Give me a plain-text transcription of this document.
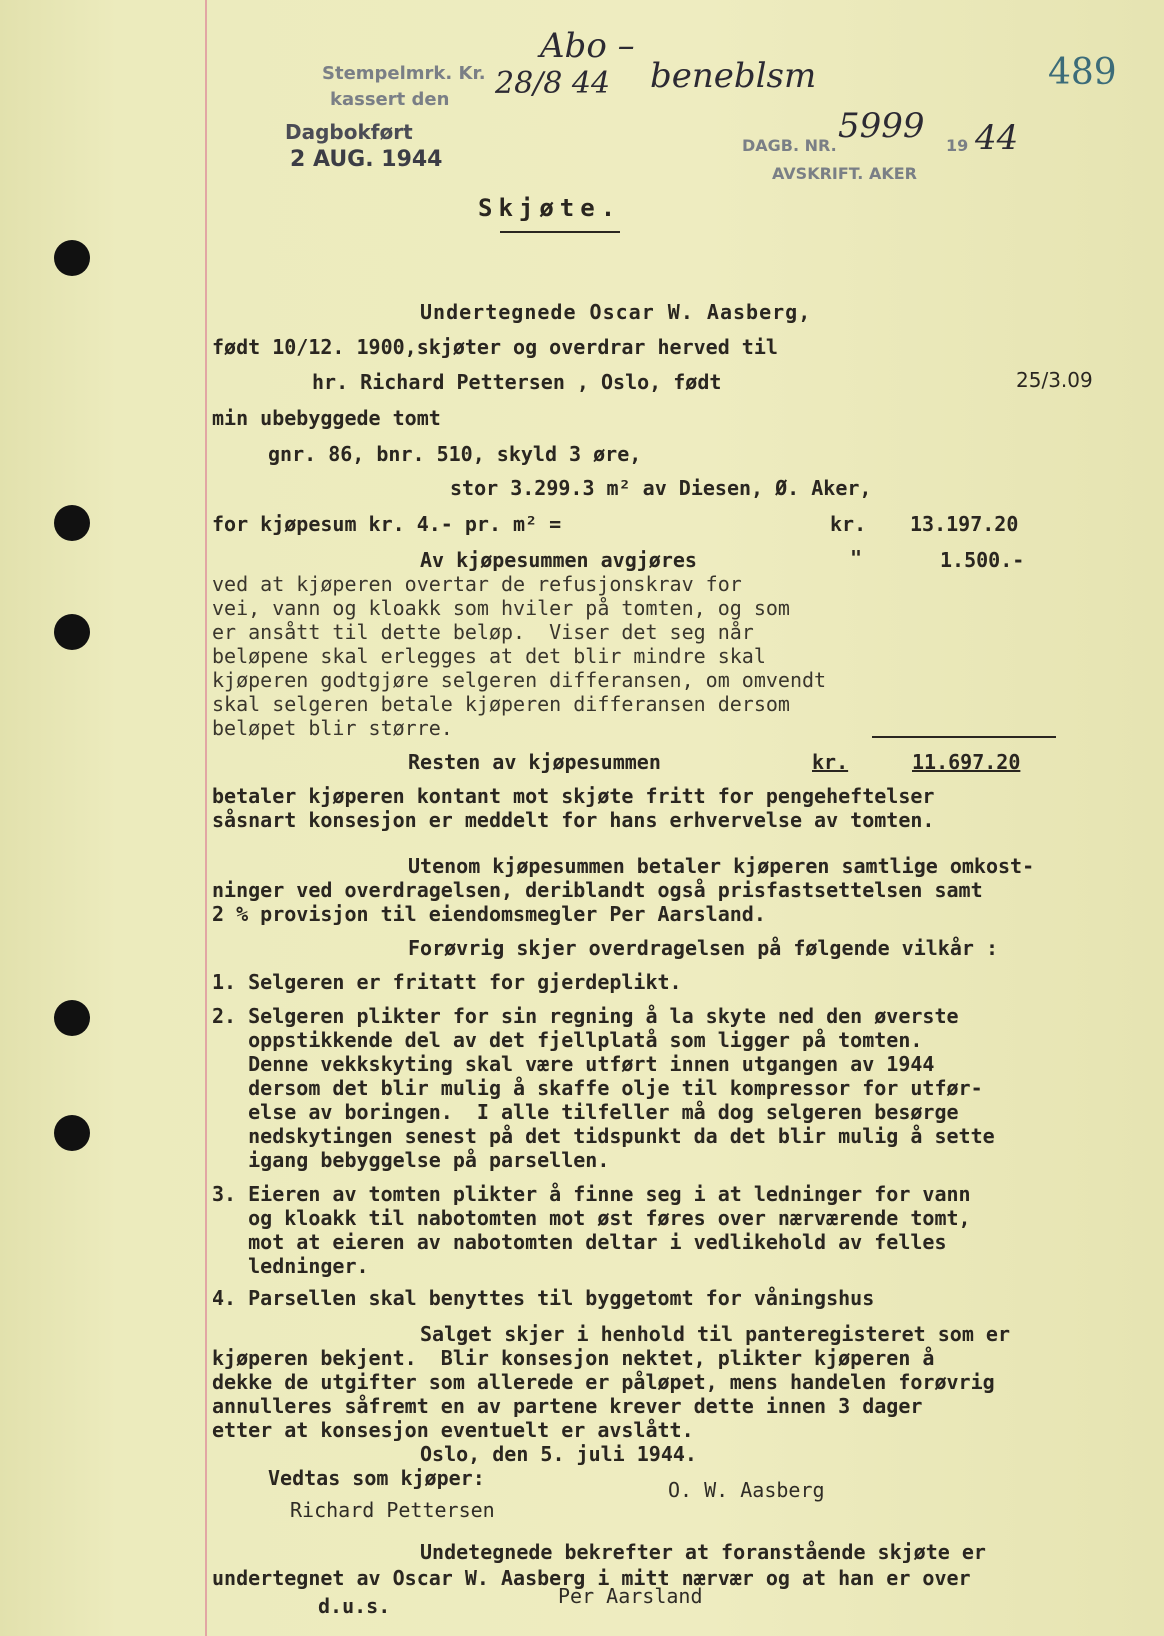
489
Stempelmrk. Kr.
kassert den
Abo –
28/8 44 beneblsm
Dagbokført
2 AUG. 1944
DAGB. NR. 5999 19 44
AVSKRIFT. AKER
Skjøte.
Undertegnede Oscar W. Aasberg,
født 10/12. 1900,skjøter og overdrar herved til
hr. Richard Pettersen , Oslo, født	25/3.09
min ubebyggede tomt
gnr. 86, bnr. 510, skyld 3 øre,
stor 3.299.3 m² av Diesen, Ø. Aker,
for kjøpesum kr. 4.- pr. m² =	kr. 13.197.20
Av kjøpesummen avgjøres	"	1.500.-
ved at kjøperen overtar de refusjonskrav for
vei, vann og kloakk som hviler på tomten, og som
er ansått til dette beløp.  Viser det seg når
beløpene skal erlegges at det blir mindre skal
kjøperen godtgjøre selgeren differansen, om omvendt
skal selgeren betale kjøperen differansen dersom
beløpet blir større.
Resten av kjøpesummen	kr.	11.697.20
betaler kjøperen kontant mot skjøte fritt for pengeheftelser
såsnart konsesjon er meddelt for hans erhvervelse av tomten.
Utenom kjøpesummen betaler kjøperen samtlige omkost-
ninger ved overdragelsen, deriblandt også prisfastsettelsen samt
2 % provisjon til eiendomsmegler Per Aarsland.
Forøvrig skjer overdragelsen på følgende vilkår :
1. Selgeren er fritatt for gjerdeplikt.
2. Selgeren plikter for sin regning å la skyte ned den øverste
oppstikkende del av det fjellplatå som ligger på tomten.
Denne vekkskyting skal være utført innen utgangen av 1944
dersom det blir mulig å skaffe olje til kompressor for utfør-
else av boringen.  I alle tilfeller må dog selgeren besørge
nedskytingen senest på det tidspunkt da det blir mulig å sette
igang bebyggelse på parsellen.
3. Eieren av tomten plikter å finne seg i at ledninger for vann
og kloakk til nabotomten mot øst føres over nærværende tomt,
mot at eieren av nabotomten deltar i vedlikehold av felles
ledninger.
4. Parsellen skal benyttes til byggetomt for våningshus
Salget skjer i henhold til panteregisteret som er
kjøperen bekjent.  Blir konsesjon nektet, plikter kjøperen å
dekke de utgifter som allerede er påløpet, mens handelen forøvrig
annulleres såfremt en av partene krever dette innen 3 dager
etter at konsesjon eventuelt er avslått.
Oslo, den 5. juli 1944.
Vedtas som kjøper:	O. W. Aasberg
Richard Pettersen
Undetegnede bekrefter at foranstående skjøte er
undertegnet av Oscar W. Aasberg i mitt nærvær og at han er over
d.u.s.	Per Aarsland
